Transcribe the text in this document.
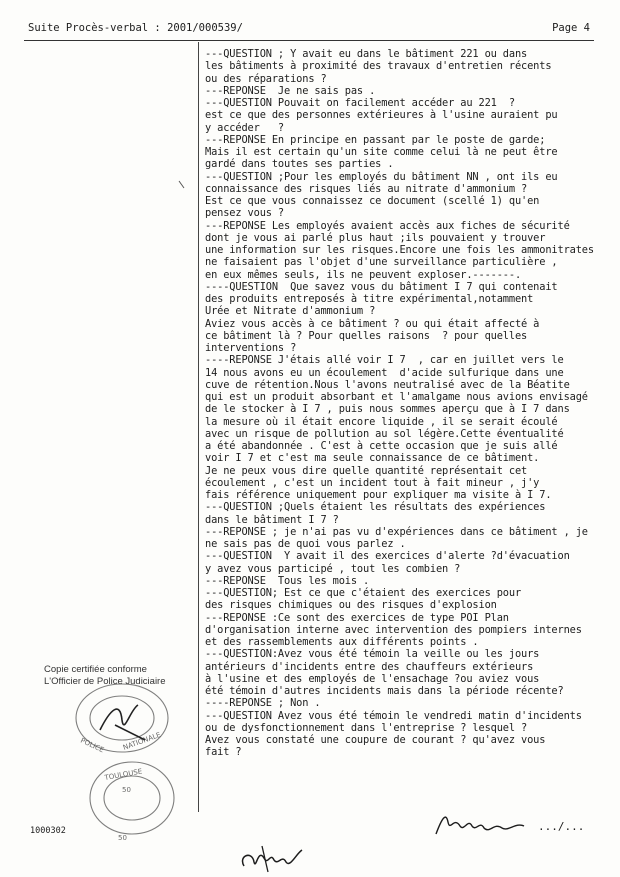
Suite Procès-verbal : 2001/000539/	Page 4
---QUESTION ; Y avait eu dans le bâtiment 221 ou dans
les bâtiments à proximité des travaux d'entretien récents
ou des réparations ?
---REPONSE  Je ne sais pas .
---QUESTION Pouvait on facilement accéder au 221  ?
est ce que des personnes extérieures à l'usine auraient pu
y accéder   ?
---REPONSE En principe en passant par le poste de garde;
Mais il est certain qu'un site comme celui là ne peut être
gardé dans toutes ses parties .
---QUESTION ;Pour les employés du bâtiment NN , ont ils eu
connaissance des risques liés au nitrate d'ammonium ?
Est ce que vous connaissez ce document (scellé 1) qu'en
pensez vous ?
---REPONSE Les employés avaient accès aux fiches de sécurité
dont je vous ai parlé plus haut ;ils pouvaient y trouver
une information sur les risques.Encore une fois les ammonitrates
ne faisaient pas l'objet d'une surveillance particulière ,
en eux mêmes seuls, ils ne peuvent exploser.-------.
----QUESTION  Que savez vous du bâtiment I 7 qui contenait
des produits entreposés à titre expérimental,notamment
Urée et Nitrate d'ammonium ?
Aviez vous accès à ce bâtiment ? ou qui était affecté à
ce bâtiment là ? Pour quelles raisons  ? pour quelles
interventions ?
----REPONSE J'étais allé voir I 7  , car en juillet vers le
14 nous avons eu un écoulement  d'acide sulfurique dans une
cuve de rétention.Nous l'avons neutralisé avec de la Béatite
qui est un produit absorbant et l'amalgame nous avions envisagé
de le stocker à I 7 , puis nous sommes aperçu que à I 7 dans
la mesure où il était encore liquide , il se serait écoulé
avec un risque de pollution au sol légère.Cette éventualité
a été abandonnée . C'est à cette occasion que je suis allé
voir I 7 et c'est ma seule connaissance de ce bâtiment.
Je ne peux vous dire quelle quantité représentait cet
écoulement , c'est un incident tout à fait mineur , j'y
fais référence uniquement pour expliquer ma visite à I 7.
---QUESTION ;Quels étaient les résultats des expériences
dans le bâtiment I 7 ?
---REPONSE ; je n'ai pas vu d'expériences dans ce bâtiment , je
ne sais pas de quoi vous parlez .
---QUESTION  Y avait il des exercices d'alerte ?d'évacuation
y avez vous participé , tout les combien ?
---REPONSE  Tous les mois .
---QUESTION; Est ce que c'étaient des exercices pour
des risques chimiques ou des risques d'explosion
---REPONSE :Ce sont des exercices de type POI Plan
d'organisation interne avec intervention des pompiers internes
et des rassemblements aux différents points .
---QUESTION:Avez vous été témoin la veille ou les jours
antérieurs d'incidents entre des chauffeurs extérieurs
à l'usine et des employés de l'ensachage ?ou aviez vous
été témoin d'autres incidents mais dans la période récente?
----REPONSE ; Non .
---QUESTION Avez vous été témoin le vendredi matin d'incidents
ou de dysfonctionnement dans l'entreprise ? lesquel ?
Avez vous constaté une coupure de courant ? qu'avez vous
fait ?
.../...
Copie certifiée conforme
L'Officier de Police Judiciaire
POLICE NATIONALE
50
TOULOUSE
50
1000302
